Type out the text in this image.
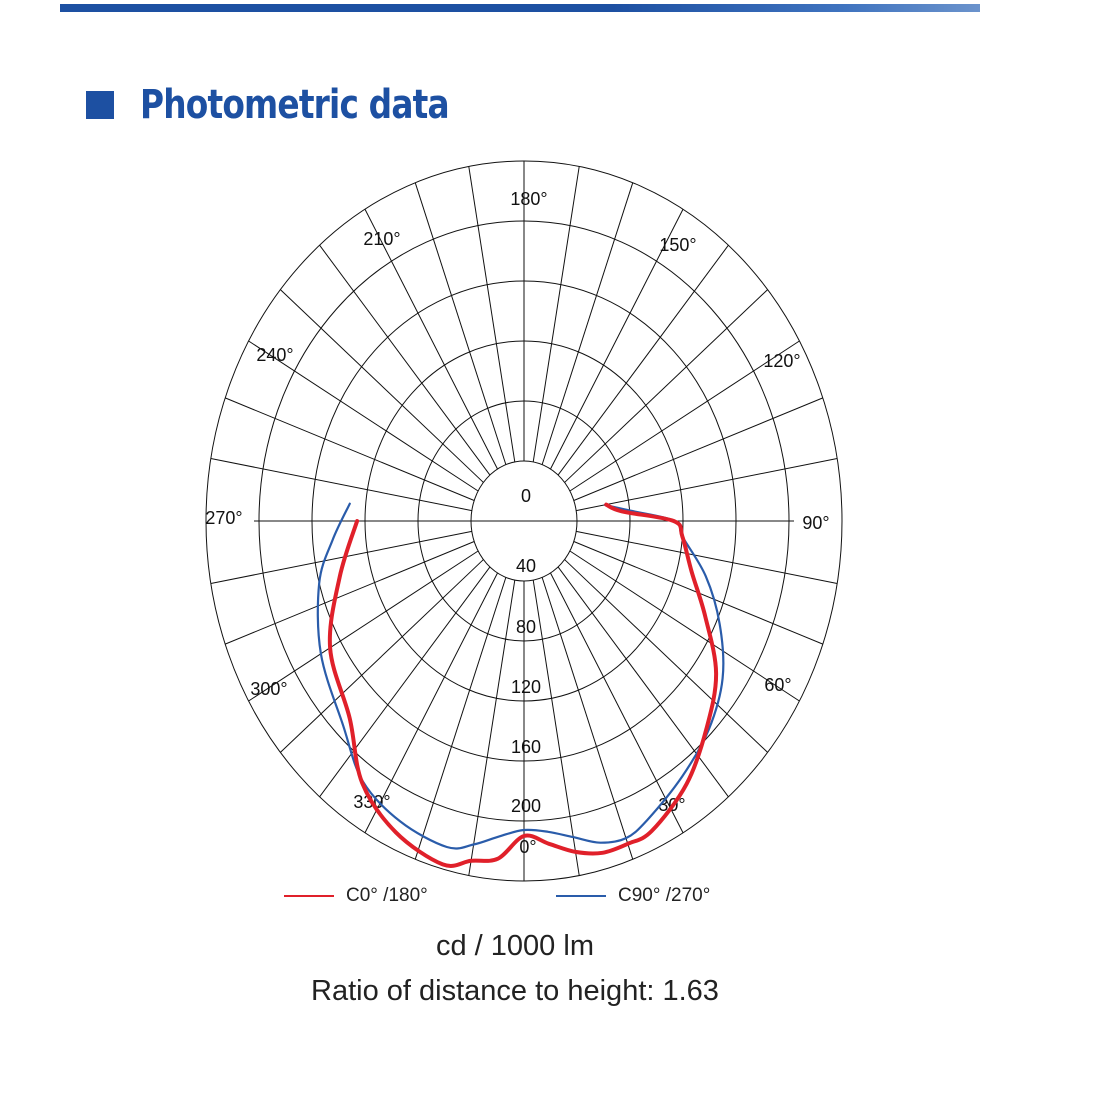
Photometric data
0
40
80
120
160
200
0°
30°
60°
90°
120°
150°
180°
210°
240°
270°
300°
330°
C0° /180°	C90° /270°
cd / 1000 lm
Ratio of distance to height: 1.63
